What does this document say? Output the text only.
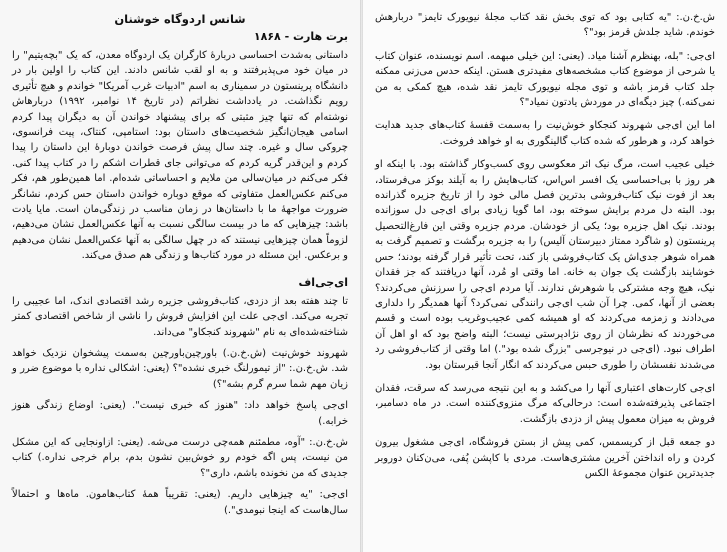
ش.خ.ن.: "یه کتابی بود که توی بخش نقد کتاب مجلهٔ نیویورک تایمز" دربارهش خوندم. شاید جلدش قرمز بود"؟

ای‌جی: "بله، بهنظرم آشنا میاد. (یعنی: این خیلی مبهمه. اسم نویسنده، عنوان کتاب یا شرحی از موضوع کتاب مشخصه‌های مفیدتری هستن. اینکه حدس می‌زنی ممکنه جلد کتاب قرمز باشه و توی مجله نیویورک تایمز نقد شده، هیچ کمکی به من نمی‌کنه.) چیز دیگه‌ای در موردش یادتون نمیاد"؟

اما این ای‌جی شهروند کنجکاو خوش‌نیت را به‌سمت قفسهٔ کتاب‌های جدید هدایت خواهد کرد، و هرطور که شده کتاب گالینگوری به او خواهد فروخت.

خیلی عجیب است، مرگ نیک اثر معکوسی روی کسب‌وکار گذاشته بود. با اینکه او هر روز با بی‌احساسی یک افسر اس‌اس، کتاب‌هایش را به آیلند بوکز می‌فرستاد، بعد از فوت نیک کتاب‌فروشی بدترین فصل مالی خود را از تاریخ جزیره گذرانده بود. البته دل مردم برایش سوخته بود، اما گویا زیادی برای ای‌جی دل سوزانده بودند. نیک اهل جزیره بود؛ یکی از خودشان. مردم جزیره وقتی این فارغ‌التحصیل پرینستون (و شاگرد ممتاز دبیرستان آلیس) را به جزیره برگشت و تصمیم گرفت به همراه شوهر جدی‌اش یک کتاب‌فروشی باز کند، تحت تأثیر قرار گرفته بودند؛ حس خوشایند بازگشت یک جوان به خانه. اما وقتی او مُرد، آنها دریافتند که جز فقدان نیک، هیچ وجه مشترکی با شوهرش ندارند. آیا مردم ای‌جی را سرزنش می‌کردند؟ بعضی از آنها، کمی. چرا آن شب ای‌جی رانندگی نمی‌کرد؟ آنها همدیگر را دلداری می‌دادند و زمزمه می‌کردند که او همیشه کمی عجیب‌وغریب بوده است و قسم می‌خوردند که نظرشان از روی نژادپرستی نیست؛ البته واضح بود که او اهل آن اطراف نبود. (ای‌جی در نیوجرسی "بزرگ شده بود".) اما وقتی از کتاب‌فروشی رد می‌شدند نفسشان را طوری حبس می‌کردند که انگار آنجا قبرستان بود.

ای‌جی کارت‌های اعتباری آنها را می‌کشد و به این نتیجه می‌رسد که سرقت، فقدان اجتماعی پذیرفته‌شده است: درحالی‌که مرگ منزوی‌کننده است. در ماه دسامبر، فروش به میزان معمول پیش از دزدی بازگشت.

دو جمعه قبل از کریسمس، کمی پیش از بستن فروشگاه، ای‌جی مشغول بیرون کردن و راه انداختن آخرین مشتری‌هاست. مردی با کاپشن پُفی، می‌ن‌کنان دوروبر جدیدترین عنوان مجموعهٔ الکس

شانس اردوگاه خوشنان
برت هارت - ۱۸۶۸

داستانی به‌شدت احساسی دربارهٔ کارگران یک اردوگاه معدن، که یک "بچه‌یتیم" را در میان خود می‌پذیرفتند و به او لقب شانس دادند. این کتاب را اولین بار در دانشگاه پرینستون در سمیناری به اسم "ادبیات غرب آمریکا" خواندم و هیچ تأثیری رویم نگذاشت. در یادداشت نظراتم (در تاریخ ۱۴ نوامبر، ۱۹۹۲) دربارهاش نوشته‌ام که تنها چیز مثبتی که برای پیشنهاد خواندن آن به دیگران پیدا کردم اسامی هیجان‌انگیز شخصیت‌های داستان بود: استامپی، کنتاک، پیت فرانسوی، چروکی سال و غیره. چند سال پیش فرصت خواندن دوبارهٔ این داستان را پیدا کردم و این‌قدر گریه کردم که می‌توانی جای قطرات اشکم را در کتاب پیدا کنی. فکر می‌کنم در میان‌سالی من ملایم و احساساتی شده‌ام. اما همین‌طور هم، فکر می‌کنم عکس‌العمل متفاوتی که موقع دوباره خواندن داستان حس کردم، نشانگر ضرورت مواجههٔ ما با داستان‌ها در زمان مناسب در زندگی‌مان است. مایا یادت باشد: چیزهایی که ما در بیست سالگی نسبت به آنها عکس‌العمل نشان می‌دهیم، لزوماً همان چیزهایی نیستند که در چهل سالگی به آنها عکس‌العمل نشان می‌دهیم و برعکس. این مسئله در مورد کتاب‌ها و زندگی هم صدق می‌کند.

ای‌جی‌اف

تا چند هفته بعد از دزدی، کتاب‌فروشی جزیره رشد اقتصادی اندک، اما عجیبی را تجربه می‌کند. ای‌جی علت این افزایش فروش را ناشی از شاخص اقتصادی کمتر شناخته‌شده‌ای به نام "شهروند کنجکاو" می‌داند.

شهروند خوش‌نیت (ش.خ.ن.) باورچین‌باورچین به‌سمت پیشخوان نزدیک خواهد شد. ش.خ.ن.: "از تیمورلنگ خبری نشده"؟ (یعنی: اشکالی نداره با موضوع ضرر و زیان مهم شما سرم گرم بشه"؟)

ای‌جی پاسخ خواهد داد: "هنوز که خبری نیست". (یعنی: اوضاع زندگی هنوز خرابه.)

ش.خ.ن.: "آوه، مطمئنم همه‌چی درست می‌شه. (یعنی: ازاونجایی که این مشکل من نیست، پس اگه خودم رو خوش‌بین نشون بدم، برام خرجی نداره.) کتاب جدیدی که من نخونده باشم، داری"؟

ای‌جی: "یه چیزهایی داریم. (یعنی: تقریباً همهٔ کتاب‌هامون. ماه‌ها و احتمالاً سال‌هاست که اینجا نبومدی".)
